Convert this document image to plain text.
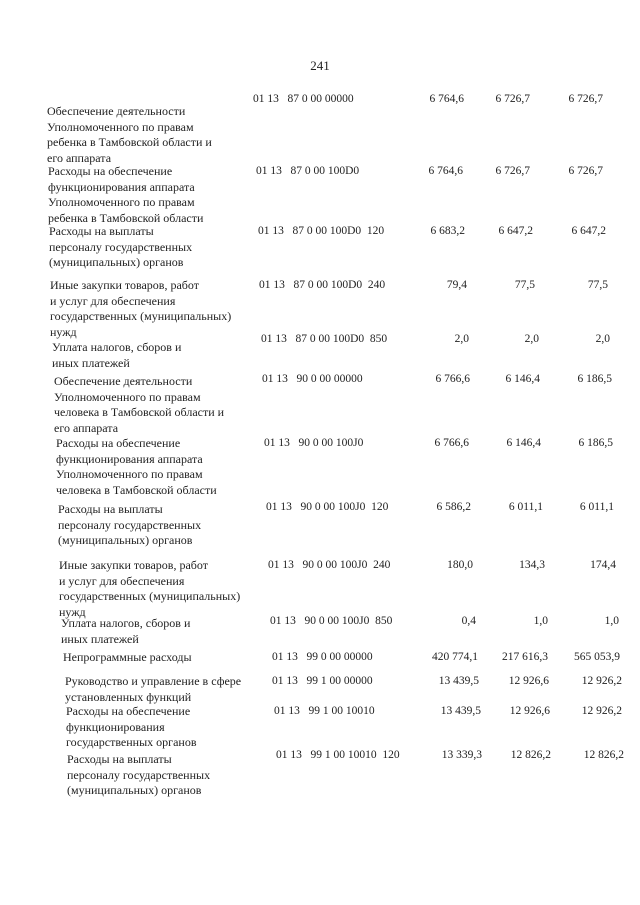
241
Обеспечение деятельности
Уполномоченного по правам
ребенка в Тамбовской области и
его аппарата
01 13   87 0 00 00000	6 764,6	6 726,7	6 726,7
Расходы на обеспечение
функционирования аппарата
Уполномоченного по правам
ребенка в Тамбовской области
01 13   87 0 00 100D0	6 764,6	6 726,7	6 726,7
Расходы на выплаты
персоналу государственных
(муниципальных) органов
01 13   87 0 00 100D0  120	6 683,2	6 647,2	6 647,2
Иные закупки товаров, работ
и услуг для обеспечения
государственных (муниципальных)
нужд
01 13   87 0 00 100D0  240	79,4	77,5	77,5
Уплата налогов, сборов и
иных платежей
01 13   87 0 00 100D0  850	2,0	2,0	2,0
Обеспечение деятельности
Уполномоченного по правам
человека в Тамбовской области и
его аппарата
01 13   90 0 00 00000	6 766,6	6 146,4	6 186,5
Расходы на обеспечение
функционирования аппарата
Уполномоченного по правам
человека в Тамбовской области
01 13   90 0 00 100J0	6 766,6	6 146,4	6 186,5
Расходы на выплаты
персоналу государственных
(муниципальных) органов
01 13   90 0 00 100J0  120	6 586,2	6 011,1	6 011,1
Иные закупки товаров, работ
и услуг для обеспечения
государственных (муниципальных)
нужд
01 13   90 0 00 100J0  240	180,0	134,3	174,4
Уплата налогов, сборов и
иных платежей
01 13   90 0 00 100J0  850	0,4	1,0	1,0
Непрограммные расходы	01 13   99 0 00 00000	420 774,1	217 616,3	565 053,9
Руководство и управление в сфере
установленных функций
01 13   99 1 00 00000	13 439,5	12 926,6	12 926,2
Расходы на обеспечение
функционирования
государственных органов
01 13   99 1 00 10010	13 439,5	12 926,6	12 926,2
Расходы на выплаты
персоналу государственных
(муниципальных) органов
01 13   99 1 00 10010  120	13 339,3	12 826,2	12 826,2
